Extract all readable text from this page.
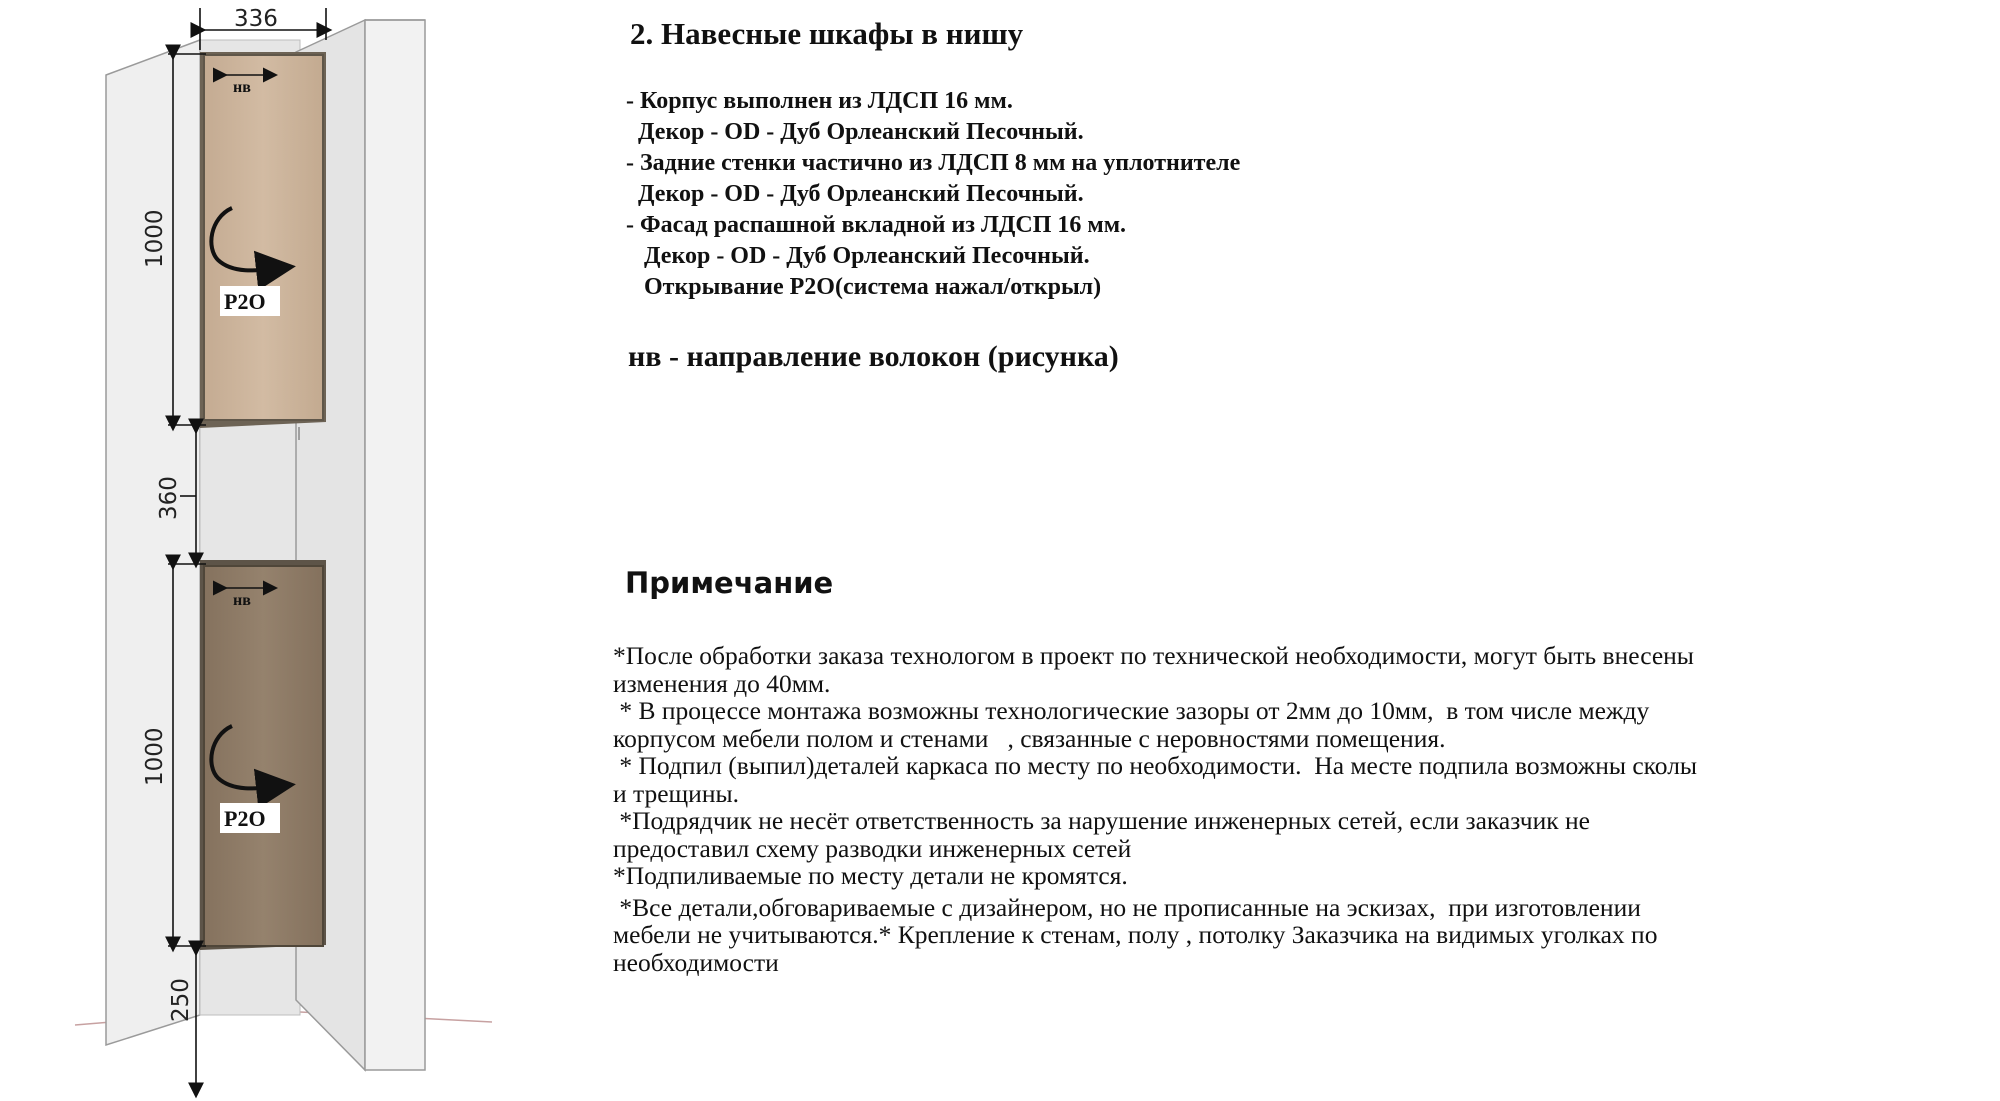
нв
P2O
нв
P2O
336
1000
360
1000
250
2. Навесные шкафы в нишу
- Корпус выполнен из ЛДСП 16 мм.
Декор - OD - Дуб Орлеанский Песочный.
- Задние стенки частично из ЛДСП 8 мм на уплотнителе
Декор - OD - Дуб Орлеанский Песочный.
- Фасад распашной вкладной из ЛДСП 16 мм.
Декор - OD - Дуб Орлеанский Песочный.
Открывание P2O(система нажал/открыл)
нв - направление волокон (рисунка)
Примечание
*После обработки заказа технологом в проект по технической необходимости, могут быть внесены
изменения до 40мм.
* В процессе монтажа возможны технологические зазоры от 2мм до 10мм,  в том числе между
корпусом мебели полом и стенами   , связанные с неровностями помещения.
* Подпил (выпил)деталей каркаса по месту по необходимости.  На месте подпила возможны сколы
и трещины.
*Подрядчик не несёт ответственность за нарушение инженерных сетей, если заказчик не
предоставил схему разводки инженерных сетей
*Подпиливаемые по месту детали не кромятся.
*Все детали,обговариваемые с дизайнером, но не прописанные на эскизах,  при изготовлении
мебели не учитываются.* Крепление к стенам, полу , потолку Заказчика на видимых уголках по
необходимости
